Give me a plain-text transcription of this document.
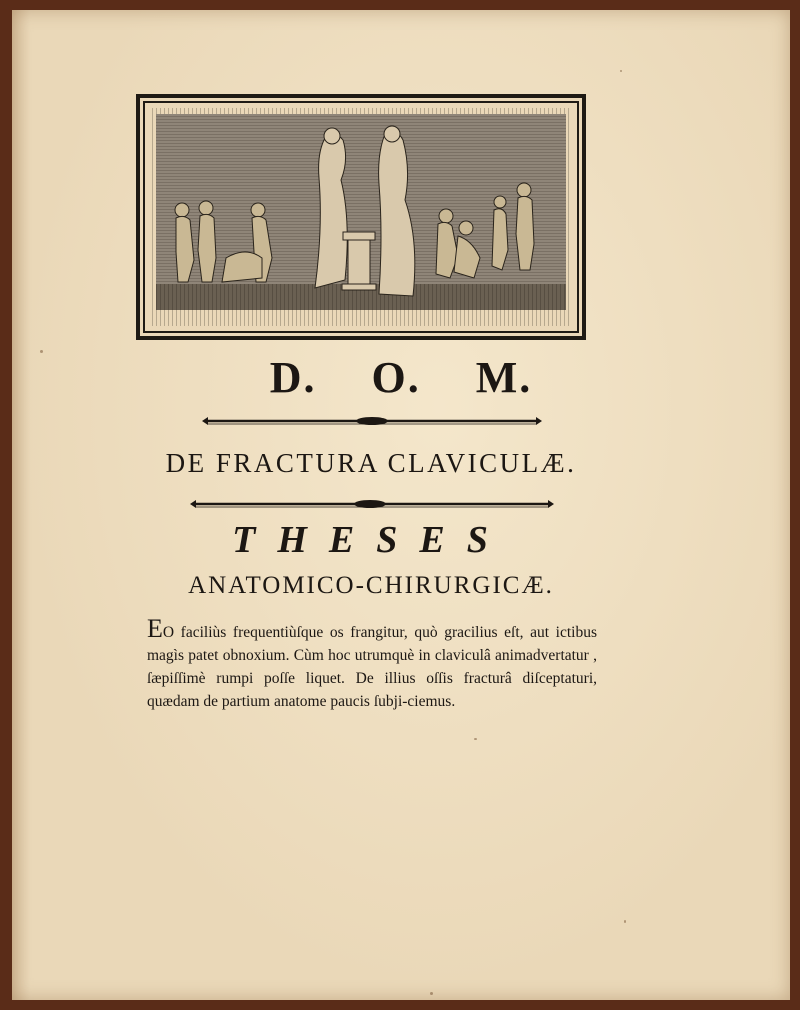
D. O. M.
DE FRACTURA CLAVICULÆ.
THESES
ANATOMICO-CHIRURGICÆ.
EO faciliùs frequentiùſque os frangitur, quò gracilius eſt, aut ictibus magìs patet obnoxium. Cùm hoc utrumquè in claviculâ animadvertatur , ſæpiſſimè rumpi poſſe liquet. De illius oſſis fracturâ diſceptaturi, quædam de partium anatome paucis ſubji-ciemus.
